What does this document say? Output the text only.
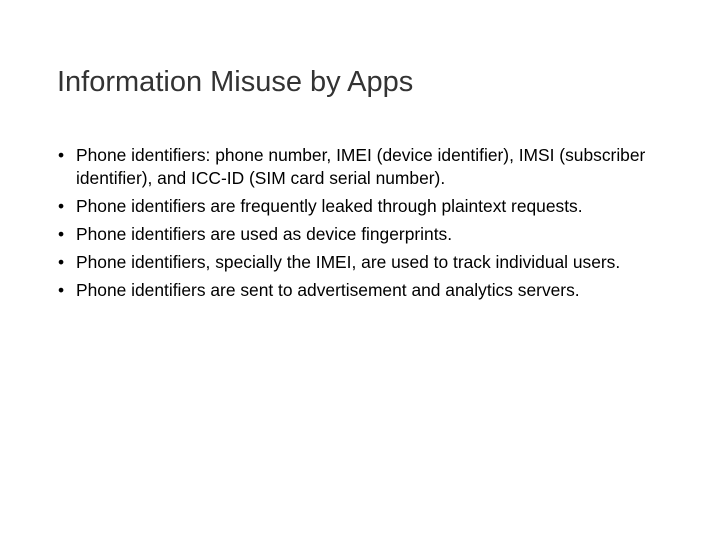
Information Misuse by Apps
• Phone identifiers: phone number, IMEI (device identifier), IMSI (subscriber identifier), and ICC-ID (SIM card serial number).
• Phone identifiers are frequently leaked through plaintext requests.
• Phone identifiers are used as device fingerprints.
• Phone identifiers, specially the IMEI, are used to track individual users.
• Phone identifiers are sent to advertisement and analytics servers.
